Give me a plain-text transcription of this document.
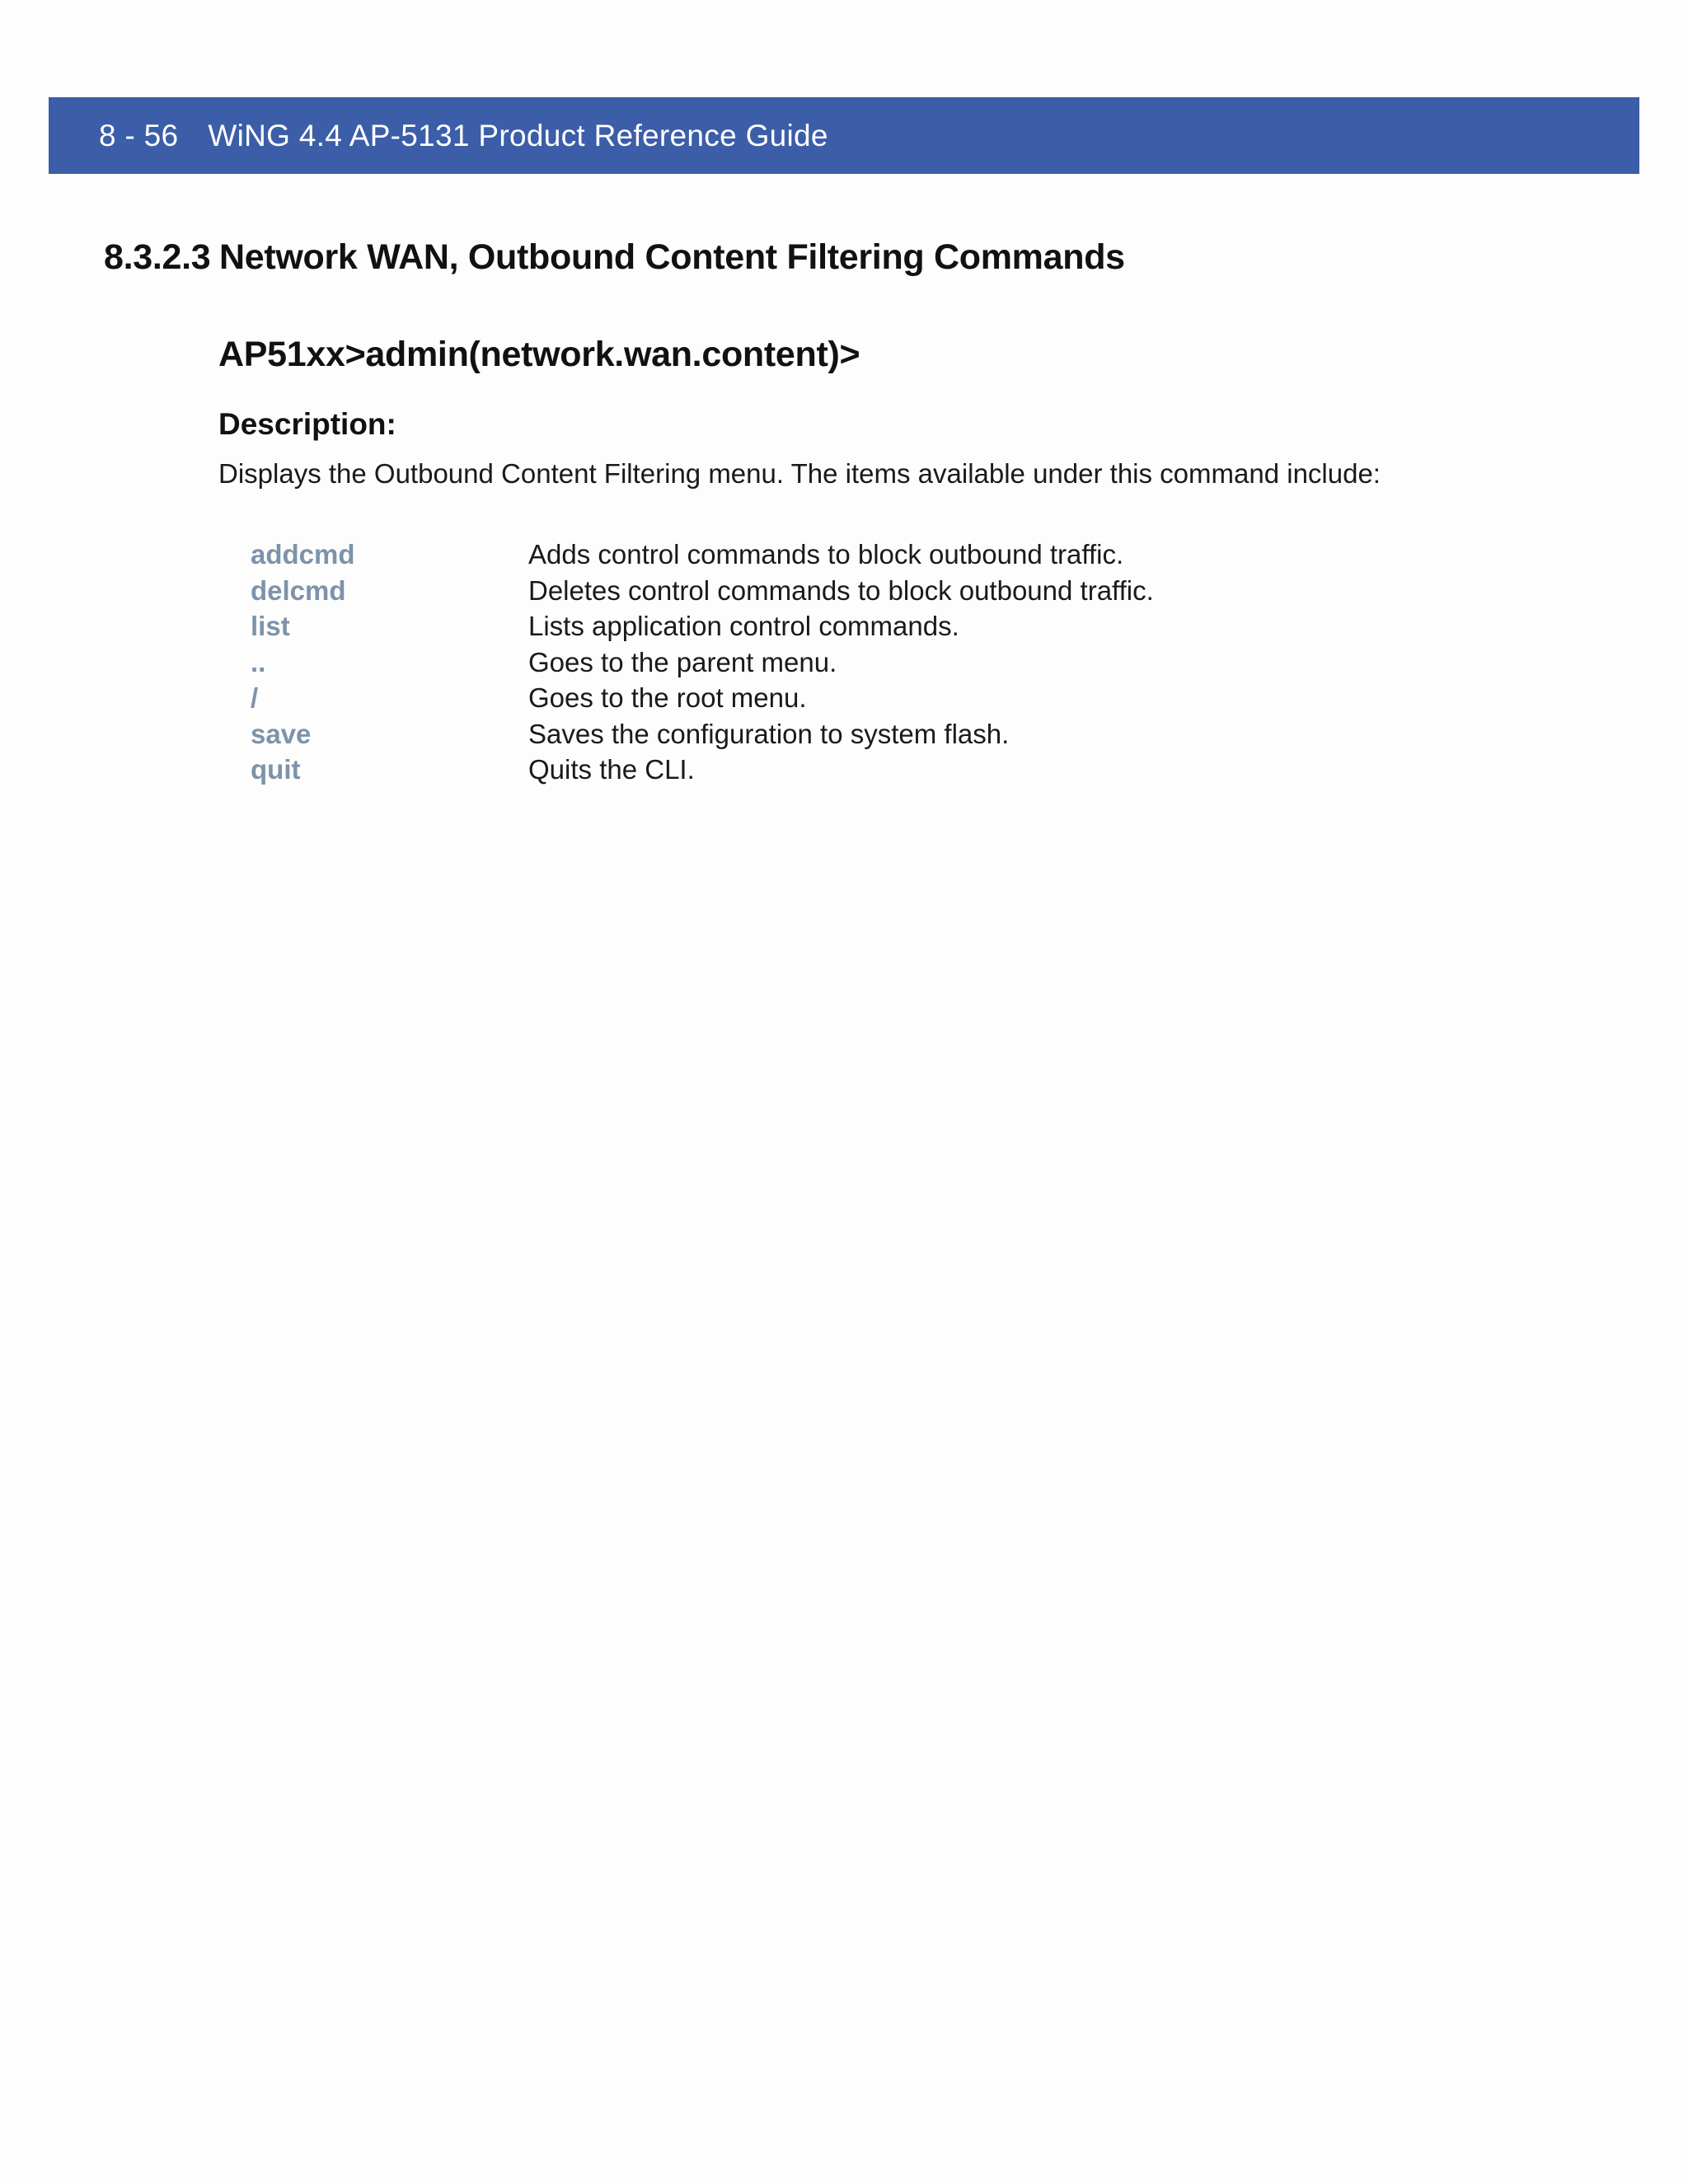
8 - 56 WiNG 4.4 AP-5131 Product Reference Guide
8.3.2.3 Network WAN, Outbound Content Filtering Commands
AP51xx>admin(network.wan.content)>
Description:
Displays the Outbound Content Filtering menu. The items available under this command include:
addcmd	Adds control commands to block outbound traffic.
delcmd	Deletes control commands to block outbound traffic.
list	Lists application control commands.
..	Goes to the parent menu.
/	Goes to the root menu.
save	Saves the configuration to system flash.
quit	Quits the CLI.
